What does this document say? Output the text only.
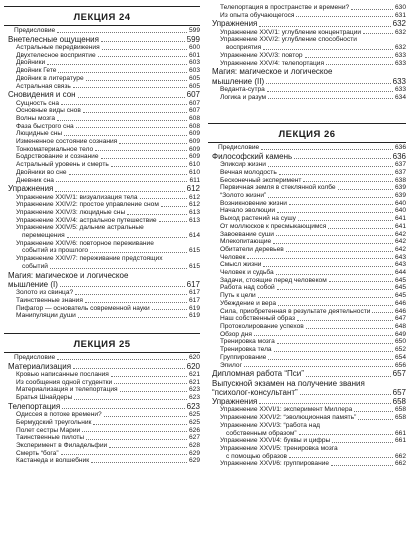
ЛЕКЦИЯ 24
Предисловие	599
Внетелесные ощущения	599
Астральные передвижения	600
Двухтелесное восприятие	601
Двойники	603
Двойник Гете	603
Двойник в литературе	605
Астральная связь	605
Сновидения и сон	607
Сущность сна	607
Основные виды снов	607
Волны мозга	608
Фаза быстрого сна	608
Люцидные сны	609
Измененное состояние сознания	609
Тонкоматериальное тело	609
Бодрствование и сознание	609
Астральный уровень и смерть	610
Двойники во сне	610
Дневник сна	611
Упражнения	612
Упражнение XXIV/1: визуализация тела	612
Упражнение XXIV/2: простое управление сном	612
Упражнение XXIV/3: люцидные сны	613
Упражнение XXIV/4: астральное путешествие	613
Упражнение XXIV/5: дальние астральные
перемещения	614
Упражнение XXIV/6: повторное переживание
событий из прошлого	615
Упражнение XXIV/7: переживание предстоящих
событий	615
Магия: магическое и логическое
мышление (I)	617
Золото из свинца?	617
Таинственные знания	617
Пифагор — основатель современной науки	619
Манипуляции души	619
ЛЕКЦИЯ 25
Предисловие	620
Материализация	620
Кровью написанные послания	621
Из сообщения одной студентки	621
Материализация и телепортация	623
Братья Шнайдеры	623
Телепортация	623
Одиссея в потоке времени?	625
Бермудский треугольник	625
Полет сестры Марии	626
Таинственные пилоты	627
Эксперимент в Филадельфии	628
Смерть “бога”	629
Кастанеда и волшебник	629
Телепортация в пространстве и времени?	630
Из опыта обучающегося	631
Упражнения	632
Упражнение XXV/1: углубление концентрации	632
Упражнение XXV/2: углубление способности
восприятия	632
Упражнение XXV/3: повтор	633
Упражнение XXV/4: телепортация	633
Магия: магическое и логическое
мышление (II)	633
Веданта-сутра	633
Логика и разум	634
ЛЕКЦИЯ 26
Предисловие	636
Философский камень	636
Эликсир жизни	637
Вечная молодость	637
Бесконечный эксперимент	638
Первичная земля в стеклянной колбе	639
“Золото жизни”	639
Возникновение жизни	640
Начало эволюции	640
Выход растений на сушу	641
От моллюсков к пресмыкающимся	641
Завоевание суши	642
Млекопитающие	642
Обитатели деревьев	642
Человек	643
Смысл жизни	643
Человек и судьба	644
Задачи, стоящие перед человеком	645
Работа над собой	645
Путь к цели	645
Убеждение и вера	646
Сила, приобретенная в результате деятельности	646
Наш собственный образ	647
Протоколирование успехов	648
Обзор дня	649
Тренировка мозга	650
Тренировка тела	652
Группирование	654
Эпилог	656
Дипломная работа “Пси”	657
Выпускной экзамен на получение звания
“психолог-консультант”	657
Упражнения	658
Упражнение XXVI/1: эксперимент Миллера	658
Упражнение XXVI/2: “эволюционная память”	658
Упражнение XXVI/3: “работа над
собственным образом”	661
Упражнение XXVI/4: буквы и цифры	661
Упражнение XXVI/5: тренировка мозга
с помощью образов	662
Упражнение XXVI/6: группирование	662
